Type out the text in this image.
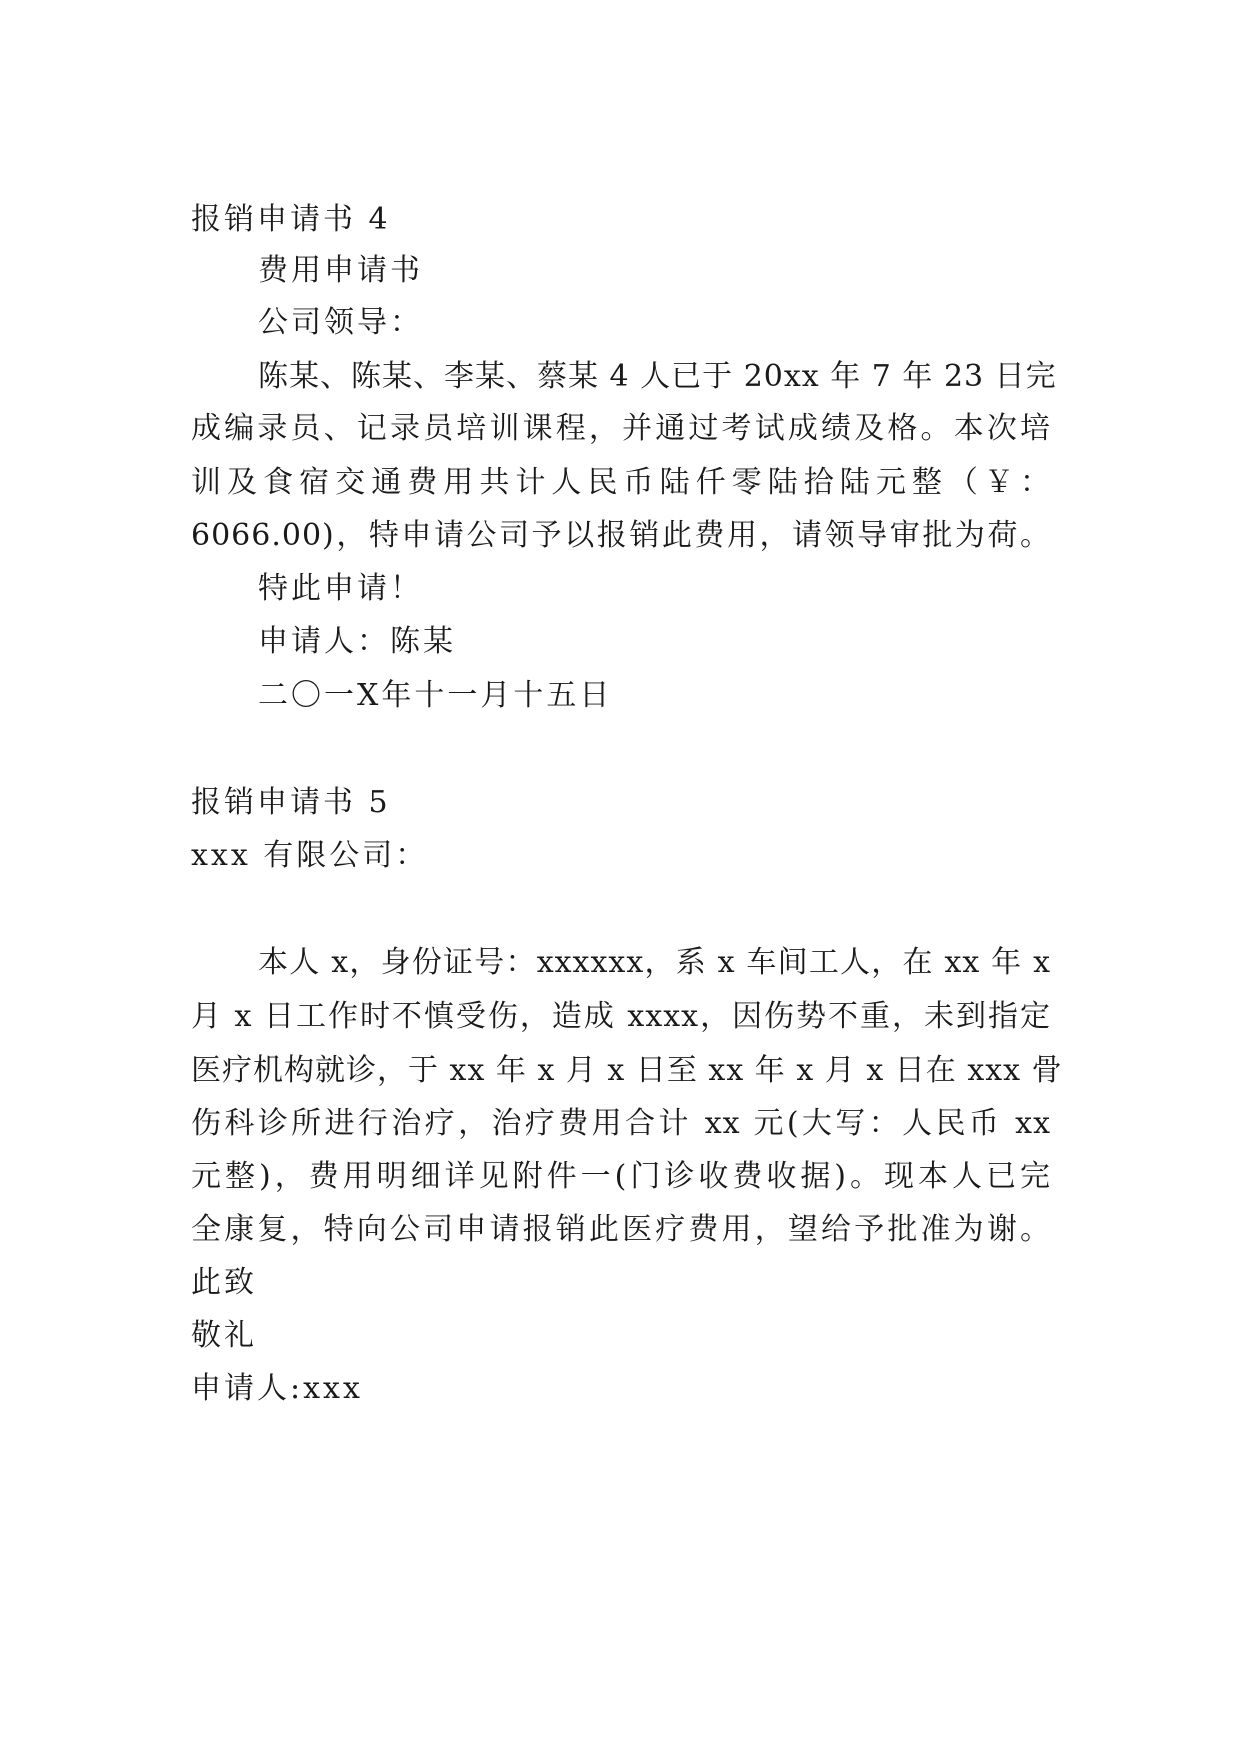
报销申请书 4
费用申请书
公司领导：
陈某、陈某、李某、蔡某 4 人已于 20xx 年 7 年 23 日完
成编录员、记录员培训课程，并通过考试成绩及格。本次培
训及食宿交通费用共计人民币陆仟零陆拾陆元整（￥：
6066.00)，特申请公司予以报销此费用，请领导审批为荷。
特此申请！
申请人：陈某
二〇一X年十一月十五日
报销申请书 5
xxx 有限公司：
本人 x，身份证号：xxxxxx，系 x 车间工人，在 xx 年 x
月 x 日工作时不慎受伤，造成 xxxx，因伤势不重，未到指定
医疗机构就诊，于 xx 年 x 月 x 日至 xx 年 x 月 x 日在 xxx 骨
伤科诊所进行治疗，治疗费用合计 xx 元(大写：人民币 xx
元整)，费用明细详见附件一(门诊收费收据)。现本人已完
全康复，特向公司申请报销此医疗费用，望给予批准为谢。
此致
敬礼
申请人:xxx
